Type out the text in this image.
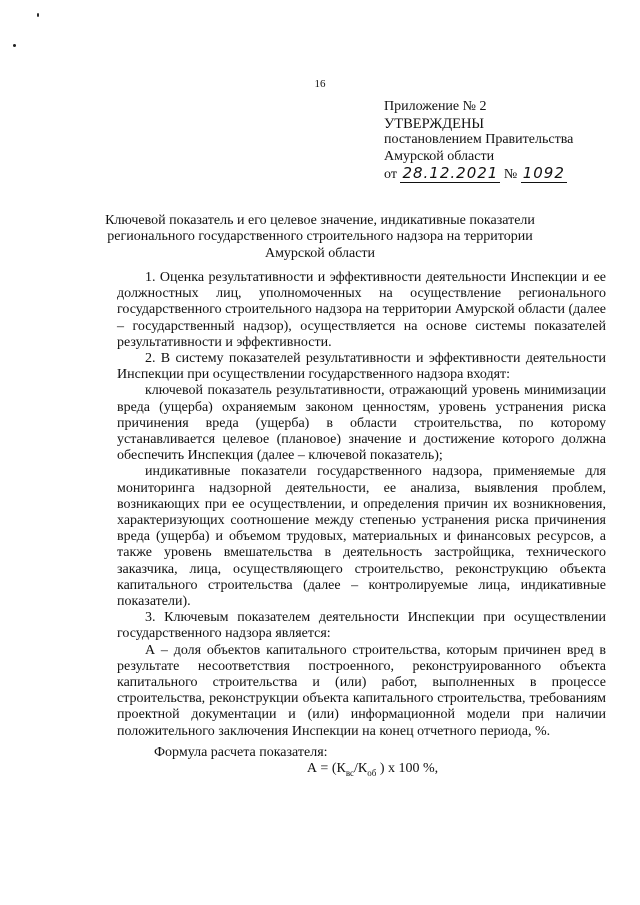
16
Приложение № 2
УТВЕРЖДЕНЫ
постановлением Правительства
Амурской области
от 28.12.2021 № 1092
Ключевой показатель и его целевое значение, индикативные показатели
регионального государственного строительного надзора на территории
Амурской области

1. Оценка результативности и эффективности деятельности Инспекции и ее должностных лиц, уполномоченных на осуществление регионального государственного строительного надзора на территории Амурской области (далее – государственный надзор), осуществляется на основе системы показателей результативности и эффективности.

2. В систему показателей результативности и эффективности деятельности Инспекции при осуществлении государственного надзора входят:

ключевой показатель результативности, отражающий уровень минимизации вреда (ущерба) охраняемым законом ценностям, уровень устранения риска причинения вреда (ущерба) в области строительства, по которому устанавливается целевое (плановое) значение и достижение которого должна обеспечить Инспекция (далее – ключевой показатель);

индикативные показатели государственного надзора, применяемые для мониторинга надзорной деятельности, ее анализа, выявления проблем, возникающих при ее осуществлении, и определения причин их возникновения, характеризующих соотношение между степенью устранения риска причинения вреда (ущерба) и объемом трудовых, материальных и финансовых ресурсов, а также уровень вмешательства в деятельность застройщика, технического заказчика, лица, осуществляющего строительство, реконструкцию объекта капитального строительства (далее – контролируемые лица, индикативные показатели).

3. Ключевым показателем деятельности Инспекции при осуществлении государственного надзора является:

А – доля объектов капитального строительства, которым причинен вред в результате несоответствия построенного, реконструированного объекта капитального строительства и (или) работ, выполненных в процессе строительства, реконструкции объекта капитального строительства, требованиям проектной документации и (или) информационной модели при наличии положительного заключения Инспекции на конец отчетного периода, %.

Формула расчета показателя:

$А = (К_{вс}/К_{об}$ ) х 100 %,
